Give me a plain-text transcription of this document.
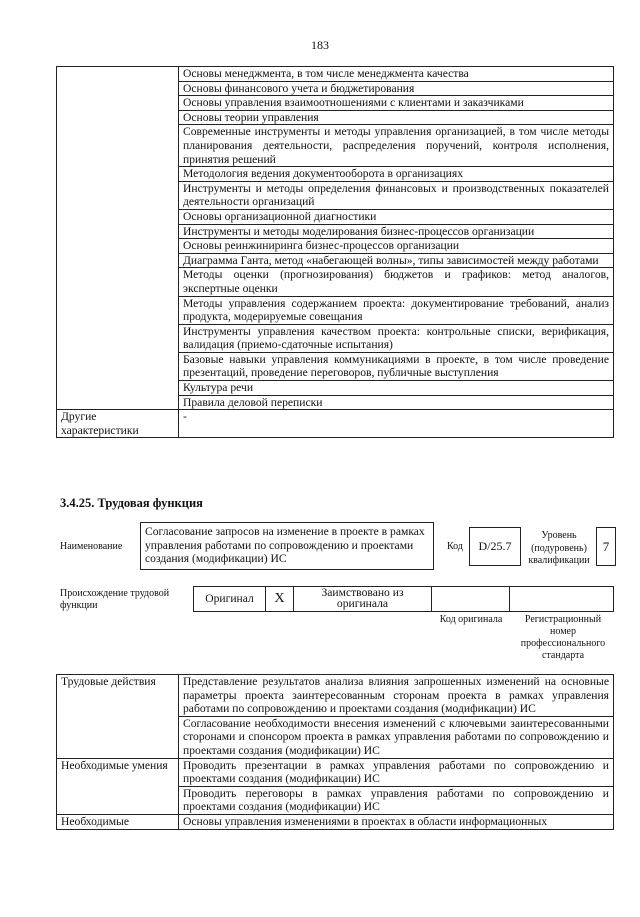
183
	Основы менеджмента, в том числе менеджмента качества
	Основы финансового учета и бюджетирования
	Основы управления взаимоотношениями с клиентами и заказчиками
	Основы теории управления
	Современные инструменты и методы управления организацией, в том числе методы планирования деятельности, распределения поручений, контроля исполнения, принятия решений
	Методология ведения документооборота в организациях
	Инструменты и методы определения финансовых и производственных показателей деятельности организаций
	Основы организационной диагностики
	Инструменты и методы моделирования бизнес-процессов организации
	Основы реинжиниринга бизнес-процессов организации
	Диаграмма Ганта, метод «набегающей волны», типы зависимостей между работами
	Методы оценки (прогнозирования) бюджетов и графиков: метод аналогов, экспертные оценки
	Методы управления содержанием проекта: документирование требований, анализ продукта, модерируемые совещания
	Инструменты управления качеством проекта: контрольные списки, верификация, валидация (приемо-сдаточные испытания)
	Базовые навыки управления коммуникациями в проекте, в том числе проведение презентаций, проведение переговоров, публичные выступления
	Культура речи
	Правила деловой переписки
Другие характеристики	-
3.4.25. Трудовая функция
Наименование
Согласование запросов на изменение в проекте в рамках управления работами по сопровождению и проектами создания (модификации) ИС
Код D/25.7
Уровень (подуровень) квалификации
7
Происхождение трудовой функции	Оригинал	X	Заимствовано из оригинала		
Код оригинала	Регистрационный номер профессионального стандарта
Трудовые действия	Представление результатов анализа влияния запрошенных изменений на основные параметры проекта заинтересованным сторонам проекта в рамках управления работами по сопровождению и проектами создания (модификации) ИС
	Согласование необходимости внесения изменений с ключевыми заинтересованными сторонами и спонсором проекта в рамках управления работами по сопровождению и проектами создания (модификации) ИС
Необходимые умения	Проводить презентации в рамках управления работами по сопровождению и проектами создания (модификации) ИС
	Проводить переговоры в рамках управления работами по сопровождению и проектами создания (модификации) ИС
Необходимые	Основы управления изменениями в проектах в области информационных
